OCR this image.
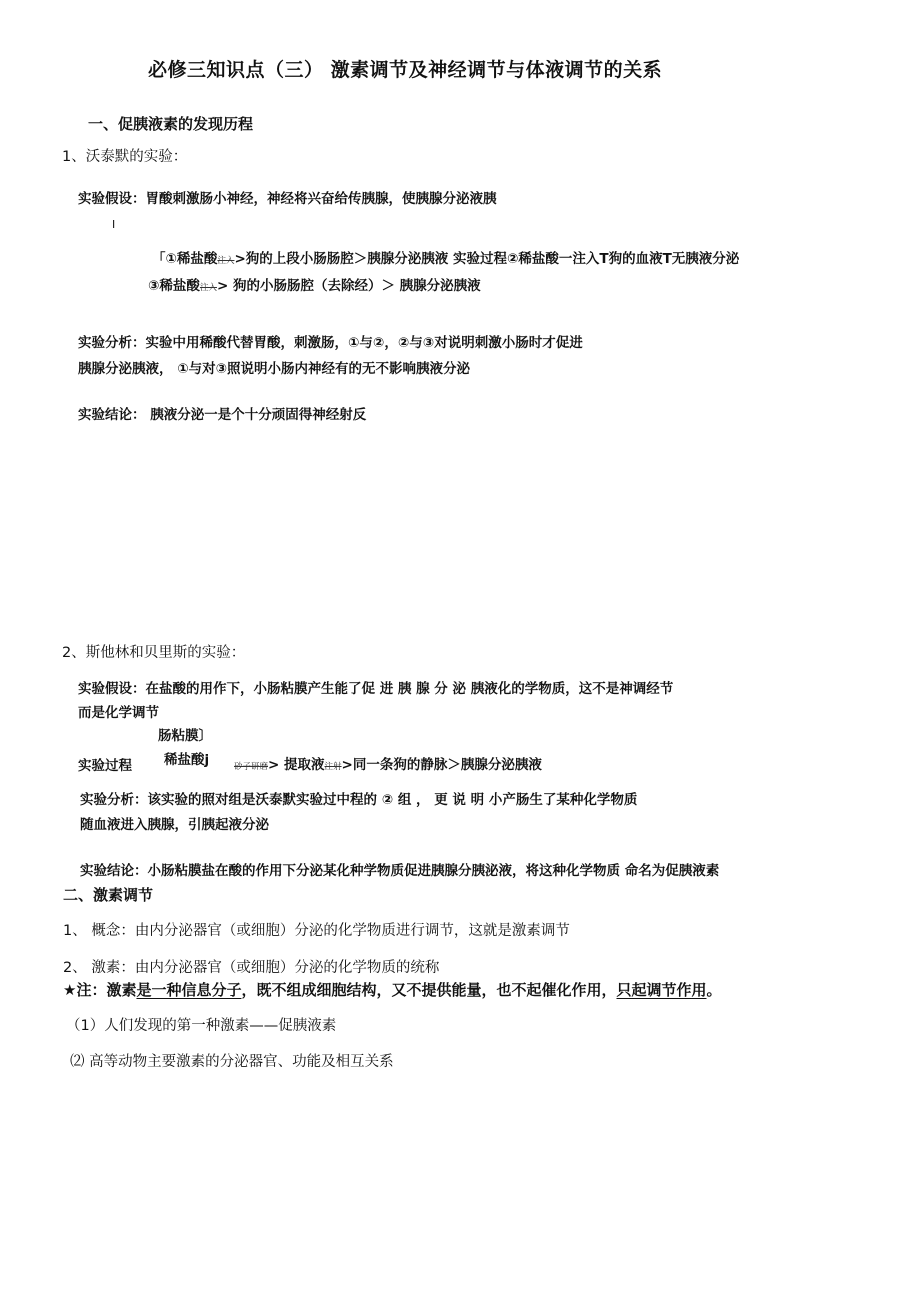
必修三知识点（三） 激素调节及神经调节与体液调节的关系
一、促胰液素的发现历程
1、沃泰默的实验：
实验假设：胃酸刺激肠小神经，神经将兴奋给传胰腺，使胰腺分泌液胰
I
「①稀盐酸注入>狗的上段小肠肠腔＞胰腺分泌胰液 实验过程②稀盐酸一注入T狗的血液T无胰液分泌
③稀盐酸注入> 狗的小肠肠腔（去除经）＞ 胰腺分泌胰液
实验分析：实验中用稀酸代替胃酸，刺激肠，①与②，②与③对说明刺激小肠时才促进
胰腺分泌胰液， ①与对③照说明小肠内神经有的无不影响胰液分泌
实验结论： 胰液分泌一是个十分顽固得神经射反
2、斯他林和贝里斯的实验：
实验假设：在盐酸的用作下，小肠粘膜产生能了促 进 胰 腺 分 泌 胰液化的学物质，这不是神调经节
而是化学调节
肠粘膜〕
实验过程 稀盐酸j	砂子研磨> 提取液注射>同一条狗的静脉＞胰腺分泌胰液
实验分析：该实验的照对组是沃泰默实验过中程的 ② 组 ， 更 说 明 小产肠生了某种化学物质
随血液进入胰腺，引胰起液分泌
实验结论：小肠粘膜盐在酸的作用下分泌某化种学物质促进胰腺分胰泌液，将这种化学物质 命名为促胰液素
二、激素调节
1、 概念：由内分泌器官（或细胞）分泌的化学物质进行调节，这就是激素调节
2、 激素：由内分泌器官（或细胞）分泌的化学物质的统称
★注：激素是一种信息分子，既不组成细胞结构，又不提供能量，也不起催化作用，只起调节作用。
（1）人们发现的第一种激素——促胰液素
⑵ 高等动物主要激素的分泌器官、功能及相互关系
